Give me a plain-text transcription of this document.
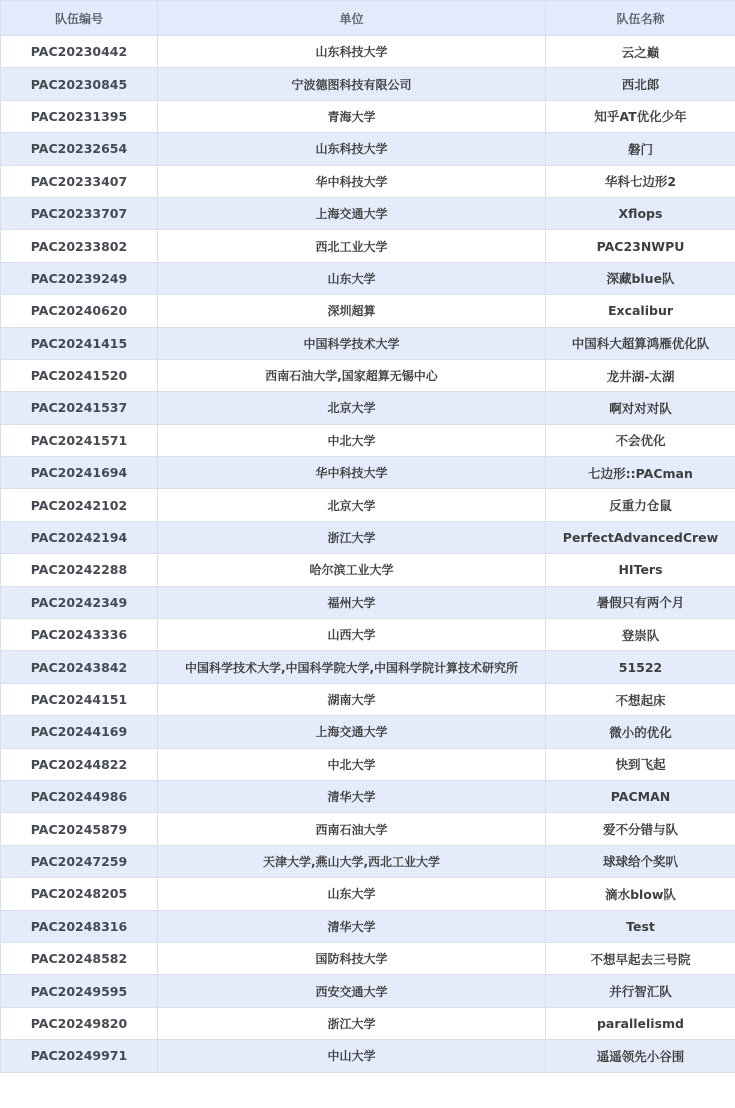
队伍编号	单位	队伍名称
PAC20230442	山东科技大学	云之巅
PAC20230845	宁波德图科技有限公司	西北郎
PAC20231395	青海大学	知乎AT优化少年
PAC20232654	山东科技大学	磐门
PAC20233407	华中科技大学	华科七边形2
PAC20233707	上海交通大学	Xflops
PAC20233802	西北工业大学	PAC23NWPU
PAC20239249	山东大学	深藏blue队
PAC20240620	深圳超算	Excalibur
PAC20241415	中国科学技术大学	中国科大超算鸿雁优化队
PAC20241520	西南石油大学,国家超算无锡中心	龙井湖-太湖
PAC20241537	北京大学	啊对对对队
PAC20241571	中北大学	不会优化
PAC20241694	华中科技大学	七边形::PACman
PAC20242102	北京大学	反重力仓鼠
PAC20242194	浙江大学	PerfectAdvancedCrew
PAC20242288	哈尔滨工业大学	HITers
PAC20242349	福州大学	暑假只有两个月
PAC20243336	山西大学	登崇队
PAC20243842	中国科学技术大学,中国科学院大学,中国科学院计算技术研究所	51522
PAC20244151	湖南大学	不想起床
PAC20244169	上海交通大学	微小的优化
PAC20244822	中北大学	快到飞起
PAC20244986	清华大学	PACMAN
PAC20245879	西南石油大学	爱不分错与队
PAC20247259	天津大学,燕山大学,西北工业大学	球球给个奖叭
PAC20248205	山东大学	滴水blow队
PAC20248316	清华大学	Test
PAC20248582	国防科技大学	不想早起去三号院
PAC20249595	西安交通大学	并行智汇队
PAC20249820	浙江大学	parallelismd
PAC20249971	中山大学	遥遥领先小谷围
